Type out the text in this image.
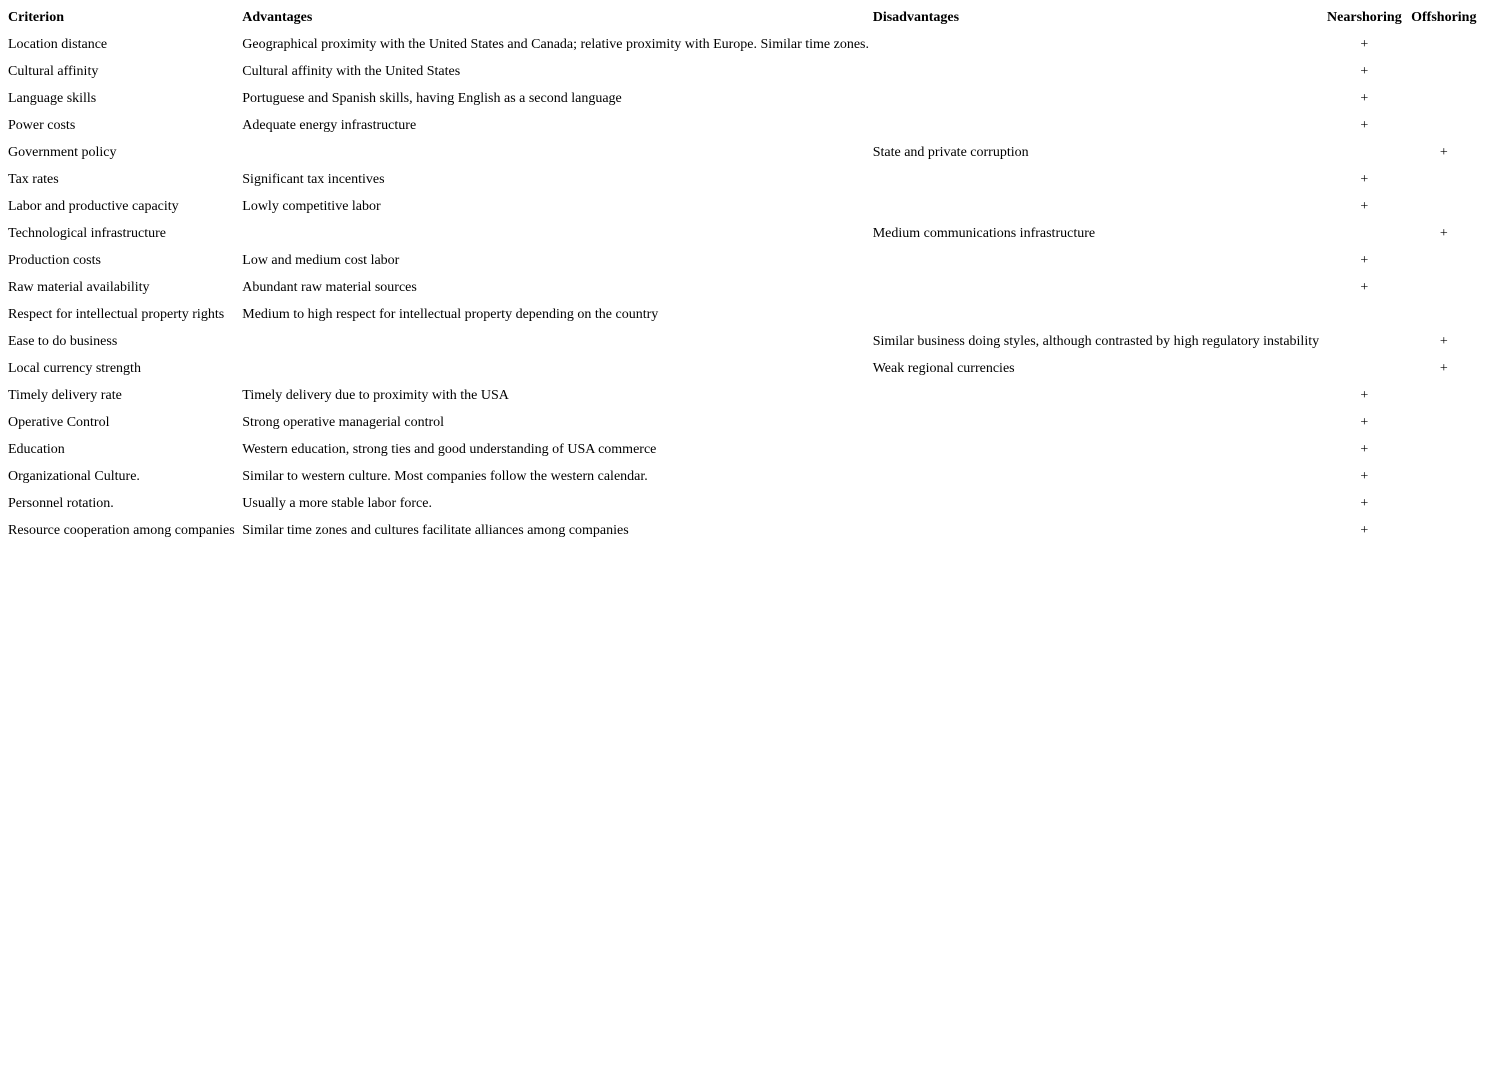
Criterion	Advantages	Disadvantages	Nearshoring	Offshoring
Location distance	Geographical proximity with the United States and Canada; relative proximity with Europe. Similar time zones.		+	
Cultural affinity	Cultural affinity with the United States		+	
Language skills	Portuguese and Spanish skills, having English as a second language		+	
Power costs	Adequate energy infrastructure		+	
Government policy		State and private corruption		+
Tax rates	Significant tax incentives		+	
Labor and productive capacity	Lowly competitive labor		+	
Technological infrastructure		Medium communications infrastructure		+
Production costs	Low and medium cost labor		+	
Raw material availability	Abundant raw material sources		+	
Respect for intellectual property rights	Medium to high respect for intellectual property depending on the country			
Ease to do business		Similar business doing styles, although contrasted by high regulatory instability		+
Local currency strength		Weak regional currencies		+
Timely delivery rate	Timely delivery due to proximity with the USA		+	
Operative Control	Strong operative managerial control		+	
Education	Western education, strong ties and good understanding of USA commerce		+	
Organizational Culture.	Similar to western culture. Most companies follow the western calendar.		+	
Personnel rotation.	Usually a more stable labor force.		+	
Resource cooperation among companies	Similar time zones and cultures facilitate alliances among companies		+	
